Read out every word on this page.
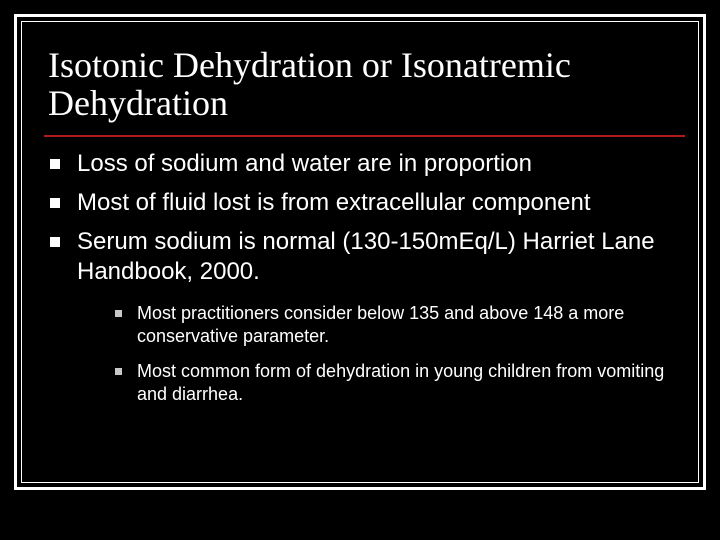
Isotonic Dehydration or Isonatremic Dehydration
Loss of sodium and water are in proportion
Most of fluid lost is from extracellular component
Serum sodium is normal (130-150mEq/L) Harriet Lane Handbook, 2000.
Most practitioners consider below 135 and above 148 a more conservative parameter.
Most common form of dehydration in young children from vomiting and diarrhea.
